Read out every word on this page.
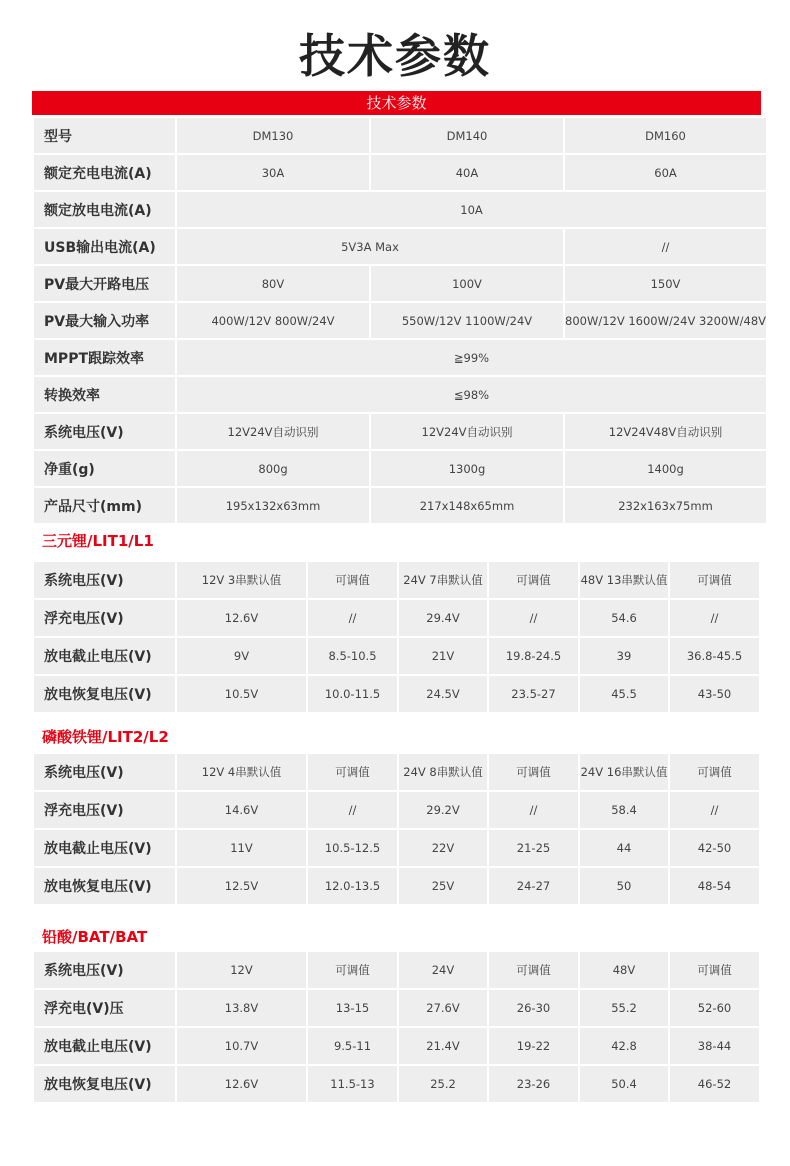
技术参数
技术参数
型号	DM130	DM140	DM160
额定充电电流(A)	30A	40A	60A
额定放电电流(A)	10A		
USB输出电流(A)	5V3A Max		//
PV最大开路电压	80V	100V	150V
PV最大输入功率	400W/12V 800W/24V	550W/12V 1100W/24V	800W/12V 1600W/24V 3200W/48V
MPPT跟踪效率	≧99%		
转换效率	≦98%		
系统电压(V)	12V24V自动识别	12V24V自动识别	12V24V48V自动识别
净重(g)	800g	1300g	1400g
产品尺寸(mm)	195x132x63mm	217x148x65mm	232x163x75mm
三元锂/LIT1/L1
系统电压(V)	12V 3串默认值	可调值	24V 7串默认值	可调值	48V 13串默认值	可调值
浮充电压(V)	12.6V	//	29.4V	//	54.6	//
放电截止电压(V)	9V	8.5-10.5	21V	19.8-24.5	39	36.8-45.5
放电恢复电压(V)	10.5V	10.0-11.5	24.5V	23.5-27	45.5	43-50
磷酸铁锂/LIT2/L2
系统电压(V)	12V 4串默认值	可调值	24V 8串默认值	可调值	24V 16串默认值	可调值
浮充电压(V)	14.6V	//	29.2V	//	58.4	//
放电截止电压(V)	11V	10.5-12.5	22V	21-25	44	42-50
放电恢复电压(V)	12.5V	12.0-13.5	25V	24-27	50	48-54
铅酸/BAT/BAT
系统电压(V)	12V	可调值	24V	可调值	48V	可调值
浮充电(V)压	13.8V	13-15	27.6V	26-30	55.2	52-60
放电截止电压(V)	10.7V	9.5-11	21.4V	19-22	42.8	38-44
放电恢复电压(V)	12.6V	11.5-13	25.2	23-26	50.4	46-52
